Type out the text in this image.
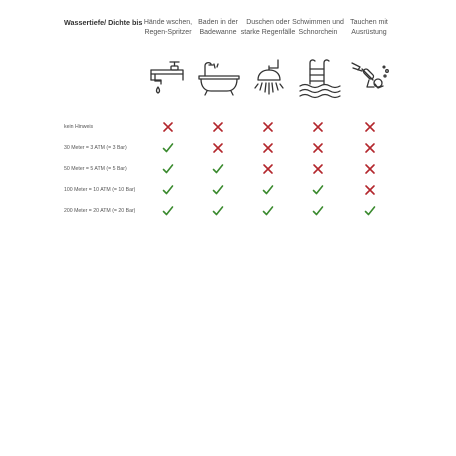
Wassertiefe/ Dichte bis Hände wschen, Regen-Spritzer
Baden in der Badewanne
Duschen oder starke Regenfälle
Schwimmen und Schnorchein
Tauchen mit Ausrüstung
kein Hinweis
30 Meter = 3 ATM (= 3 Bar)
50 Meter = 5 ATM (= 5 Bar)
100 Meter = 10 ATM (= 10 Bar)
200 Meter = 20 ATM (= 20 Bar)
